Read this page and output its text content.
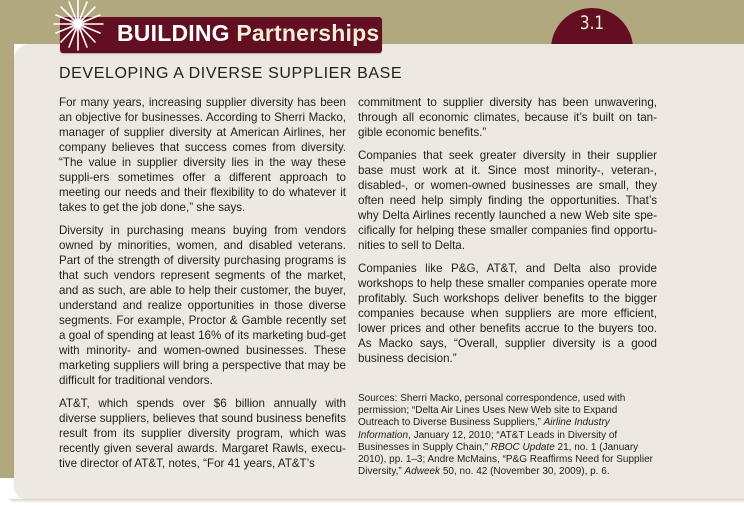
BUILDING Partnerships	3.1
DEVELOPING A DIVERSE SUPPLIER BASE

For many years, increasing supplier diversity has been an objective for businesses. According to Sherri Macko, manager of supplier diversity at American Airlines, her company believes that success comes from diversity. “The value in supplier diversity lies in the way these suppli-ers sometimes offer a different approach to meeting our needs and their flexibility to do whatever it takes to get the job done,” she says.

Diversity in purchasing means buying from vendors owned by minorities, women, and disabled veterans. Part of the strength of diversity purchasing programs is that such vendors represent segments of the market, and as such, are able to help their customer, the buyer, understand and realize opportunities in those diverse segments. For example, Proctor & Gamble recently set a goal of spending at least 16% of its marketing bud-get with minority- and women-owned businesses. These marketing suppliers will bring a perspective that may be difficult for traditional vendors.

AT&T, which spends over $6 billion annually with diverse suppliers, believes that sound business benefits result from its supplier diversity program, which was recently given several awards. Margaret Rawls, execu-tive director of AT&T, notes, “For 41 years, AT&T’s

commitment to supplier diversity has been unwavering, through all economic climates, because it’s built on tan-gible economic benefits.”

Companies that seek greater diversity in their supplier base must work at it. Since most minority-, veteran-, disabled-, or women-owned businesses are small, they often need help simply finding the opportunities. That’s why Delta Airlines recently launched a new Web site spe-cifically for helping these smaller companies find opportu-nities to sell to Delta.

Companies like P&G, AT&T, and Delta also provide workshops to help these smaller companies operate more profitably. Such workshops deliver benefits to the bigger companies because when suppliers are more efficient, lower prices and other benefits accrue to the buyers too. As Macko says, “Overall, supplier diversity is a good business decision.”

Sources: Sherri Macko, personal correspondence, used with permission; “Delta Air Lines Uses New Web site to Expand Outreach to Diverse Business Suppliers,” Airline Industry Information, January 12, 2010; “AT&T Leads in Diversity of Businesses in Supply Chain,” RBOC Update 21, no. 1 (January 2010), pp. 1–3; Andre McMains, “P&G Reaffirms Need for Supplier Diversity,” Adweek 50, no. 42 (November 30, 2009), p. 6.
